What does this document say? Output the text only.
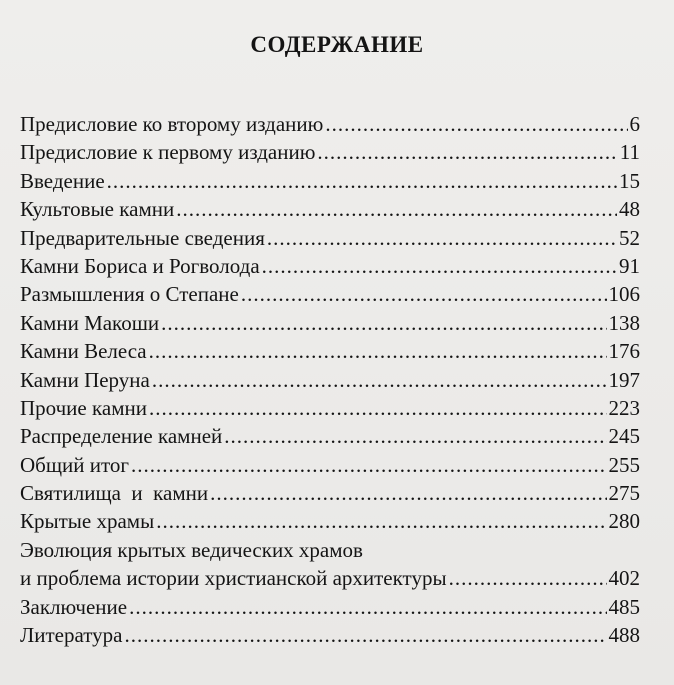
СОДЕРЖАНИЕ
Предисловие ко второму изданию .....	6
Предисловие к первому изданию .....	11
Введение .....	15
Культовые камни .....	48
Предварительные сведения .....	52
Камни Бориса и Рогволода .....	91
Размышления о Степане .....	106
Камни Макоши .....	138
Камни Велеса .....	176
Камни Перуна .....	197
Прочие камни .....	223
Распределение камней .....	245
Общий итог .....	255
Святилища  и  камни .....	275
Крытые храмы .....	280
Эволюция крытых ведических храмов
и проблема истории христианской архитектуры .....	402
Заключение .....	485
Литература .....	488
